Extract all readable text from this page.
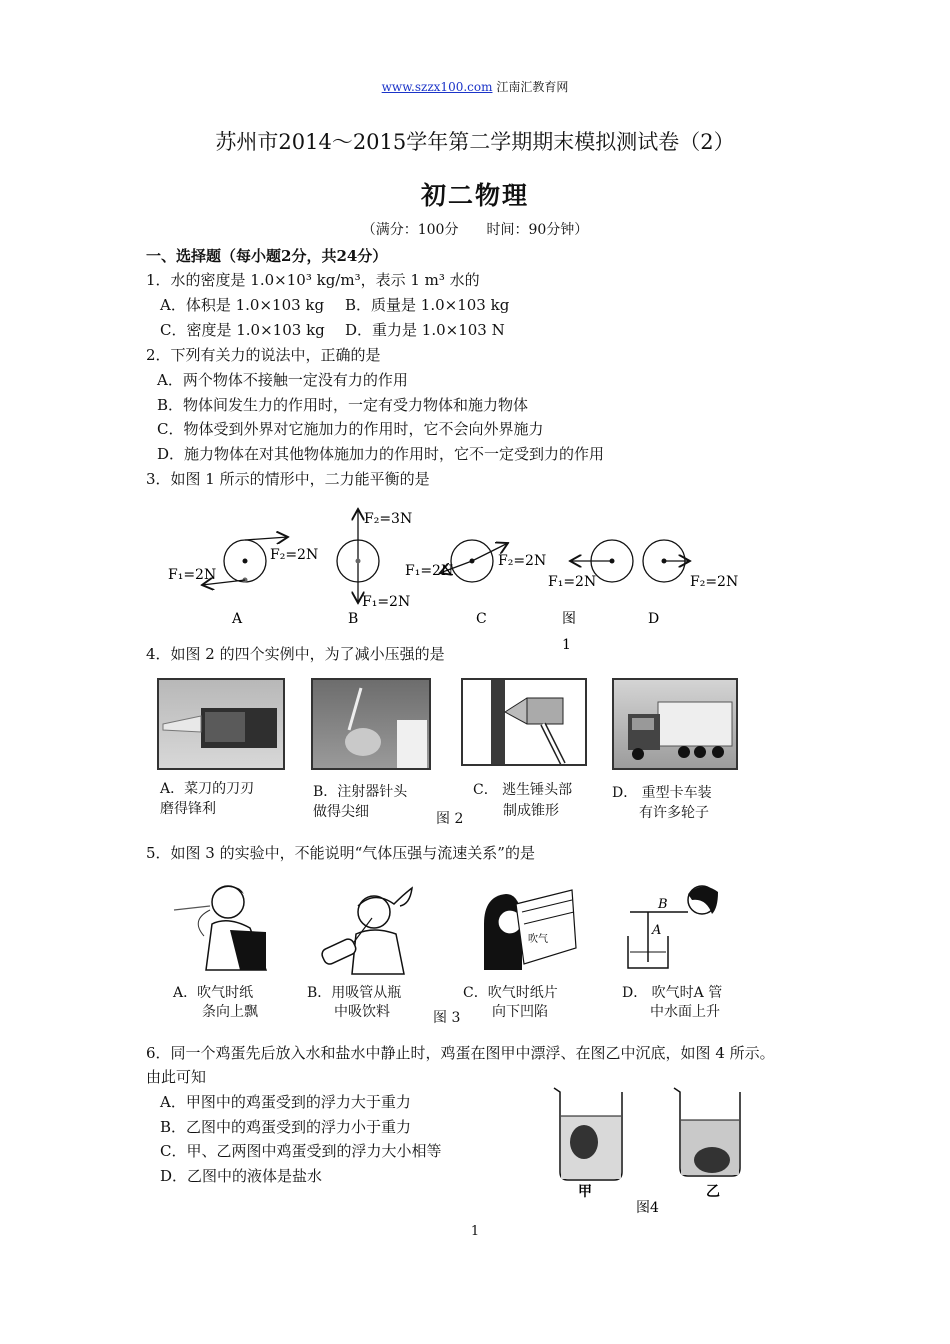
www.szzx100.com 江南汇教育网
苏州市2014～2015学年第二学期期末模拟测试卷（2）
初二物理
（满分：100分　　时间：90分钟）
一、选择题（每小题2分，共24分）
1．水的密度是 1.0×10³ kg/m³，表示 1 m³ 水的
A．体积是 1.0×103 kg B．质量是 1.0×103 kg
C．密度是 1.0×103 kg D．重力是 1.0×103 N
2．下列有关力的说法中，正确的是
A．两个物体不接触一定没有力的作用
B．物体间发生力的作用时，一定有受力物体和施力物体
C．物体受到外界对它施加力的作用时，它不会向外界施力
D．施力物体在对其他物体施加力的作用时，它不一定受到力的作用
3．如图 1 所示的情形中，二力能平衡的是
F₂=2N
F₁=2N
A
F₂=3N
F₁=2N
B
F₂=2N
F₁=2N
C
F₁=2N	F₂=2N
图
1
D
4．如图 2 的四个实例中，为了减小压强的是
A．菜刀的刀刃
磨得锋利
B．注射器针头
做得尖细	图 2
C． 逃生锤头部
制成锥形
D． 重型卡车装
有许多轮子
5．如图 3 的实验中，不能说明“气体压强与流速关系”的是
吹气
B
A
A．吹气时纸
条向上飘
B．用吸管从瓶
中吸饮料	图 3
C．吹气时纸片
向下凹陷
D． 吹气时A 管
中水面上升
6．同一个鸡蛋先后放入水和盐水中静止时，鸡蛋在图甲中漂浮、在图乙中沉底，如图 4 所示。
由此可知
A．甲图中的鸡蛋受到的浮力大于重力
B．乙图中的鸡蛋受到的浮力小于重力
C．甲、乙两图中鸡蛋受到的浮力大小相等
D．乙图中的液体是盐水
甲	乙
图4
1
